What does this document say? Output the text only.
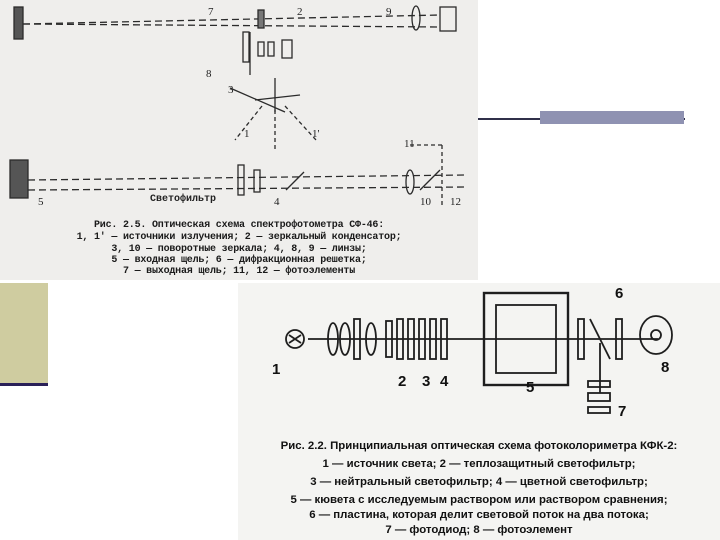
7	2	9
8
3
1	1'
11
5	4	10 12
Светофильтр
Рис. 2.5. Оптическая схема спектрофотометра СФ-46:
1, 1' — источники излучения; 2 — зеркальный конденсатор;
3, 10 — поворотные зеркала; 4, 8, 9 — линзы;
5 — входная щель; 6 — дифракционная решетка;
7 — выходная щель; 11, 12 — фотоэлементы
1
2 3 4	5
6
7
8
Рис. 2.2. Принципиальная оптическая схема фотоколориметра КФК-2:
1 — источник света; 2 — теплозащитный светофильтр;
3 — нейтральный светофильтр; 4 — цветной светофильтр;
5 — кювета с исследуемым раствором или раствором сравнения;
6 — пластина, которая делит световой поток на два потока;
7 — фотодиод; 8 — фотоэлемент
